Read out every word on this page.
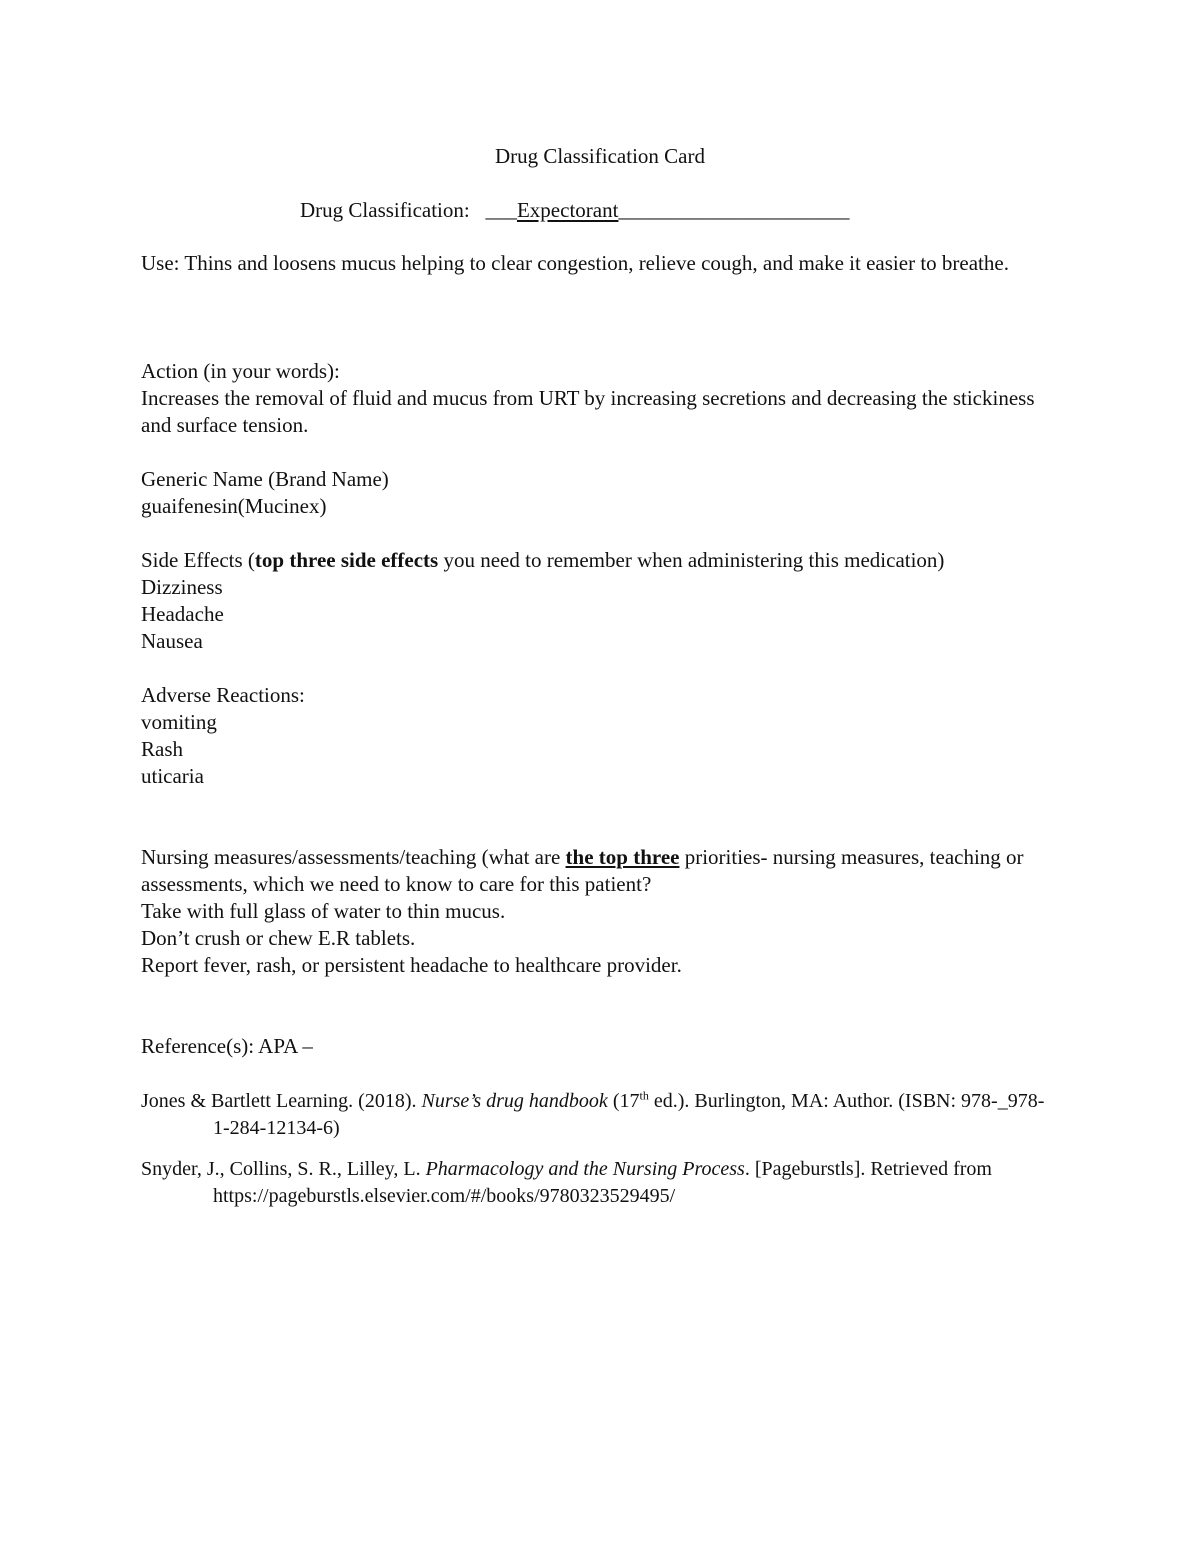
Drug Classification Card
Drug Classification: ___Expectorant______________________

Use: Thins and loosens mucus helping to clear congestion, relieve cough, and make it easier to breathe.

Action (in your words):

Increases the removal of fluid and mucus from URT by increasing secretions and decreasing the stickiness and surface tension.

Generic Name (Brand Name)

guaifenesin(Mucinex)

Side Effects (top three side effects you need to remember when administering this medication)

Dizziness

Headache

Nausea

Adverse Reactions:

vomiting

Rash

uticaria

Nursing measures/assessments/teaching (what are the top three priorities- nursing measures, teaching or assessments, which we need to know to care for this patient?

Take with full glass of water to thin mucus.

Don’t crush or chew E.R tablets.

Report fever, rash, or persistent headache to healthcare provider.

Reference(s): APA –

Jones & Bartlett Learning. (2018). Nurse’s drug handbook (17th ed.). Burlington, MA: Author. (ISBN: 978-_978-1-284-12134-6)

Snyder, J., Collins, S. R., Lilley, L. Pharmacology and the Nursing Process. [Pageburstls]. Retrieved from https://pageburstls.elsevier.com/#/books/9780323529495/
